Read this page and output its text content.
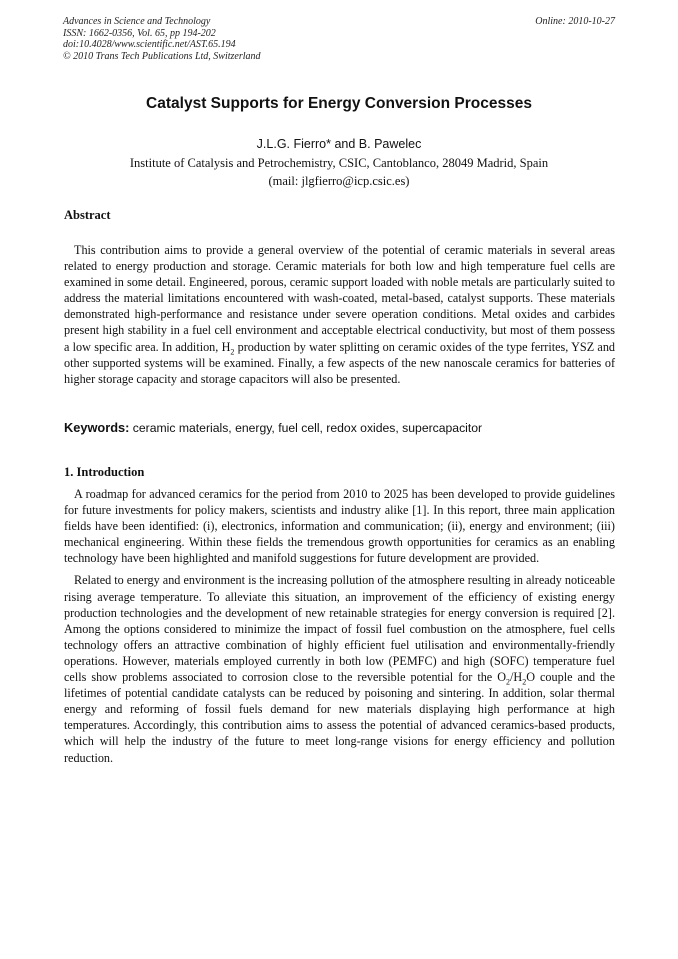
Advances in Science and Technology
ISSN: 1662-0356, Vol. 65, pp 194-202
doi:10.4028/www.scientific.net/AST.65.194
© 2010 Trans Tech Publications Ltd, Switzerland
Online: 2010-10-27
Catalyst Supports for Energy Conversion Processes
J.L.G. Fierro* and B. Pawelec
Institute of Catalysis and Petrochemistry, CSIC, Cantoblanco, 28049 Madrid, Spain
(mail: jlgfierro@icp.csic.es)
Abstract

This contribution aims to provide a general overview of the potential of ceramic materials in several areas related to energy production and storage. Ceramic materials for both low and high temperature fuel cells are examined in some detail. Engineered, porous, ceramic support loaded with noble metals are particularly suited to address the material limitations encountered with wash-coated, metal-based, catalyst supports. These materials demonstrated high-performance and resistance under severe operation conditions. Metal oxides and carbides present high stability in a fuel cell environment and acceptable electrical conductivity, but most of them possess a low specific area. In addition, $H_2$ production by water splitting on ceramic oxides of the type ferrites, YSZ and other supported systems will be examined. Finally, a few aspects of the new nanoscale ceramics for batteries of higher storage capacity and storage capacitors will also be presented.

Keywords: ceramic materials, energy, fuel cell, redox oxides, supercapacitor
1. Introduction

A roadmap for advanced ceramics for the period from 2010 to 2025 has been developed to provide guidelines for future investments for policy makers, scientists and industry alike [1]. In this report, three main application fields have been identified: (i), electronics, information and communication; (ii), energy and environment; (iii) mechanical engineering. Within these fields the tremendous growth opportunities for ceramics as an enabling technology have been highlighted and manifold suggestions for future development are provided.

Related to energy and environment is the increasing pollution of the atmosphere resulting in already noticeable rising average temperature. To alleviate this situation, an improvement of the efficiency of existing energy production technologies and the development of new retainable strategies for energy conversion is required [2]. Among the options considered to minimize the impact of fossil fuel combustion on the atmosphere, fuel cells technology offers an attractive combination of highly efficient fuel utilisation and environmentally-friendly operations. However, materials employed currently in both low (PEMFC) and high (SOFC) temperature fuel cells show problems associated to corrosion close to the reversible potential for the $O_2/H_2O$ couple and the lifetimes of potential candidate catalysts can be reduced by poisoning and sintering. In addition, solar thermal energy and reforming of fossil fuels demand for new materials displaying high performance at high temperatures. Accordingly, this contribution aims to assess the potential of advanced ceramics-based products, which will help the industry of the future to meet long-range visions for energy efficiency and pollution reduction.
